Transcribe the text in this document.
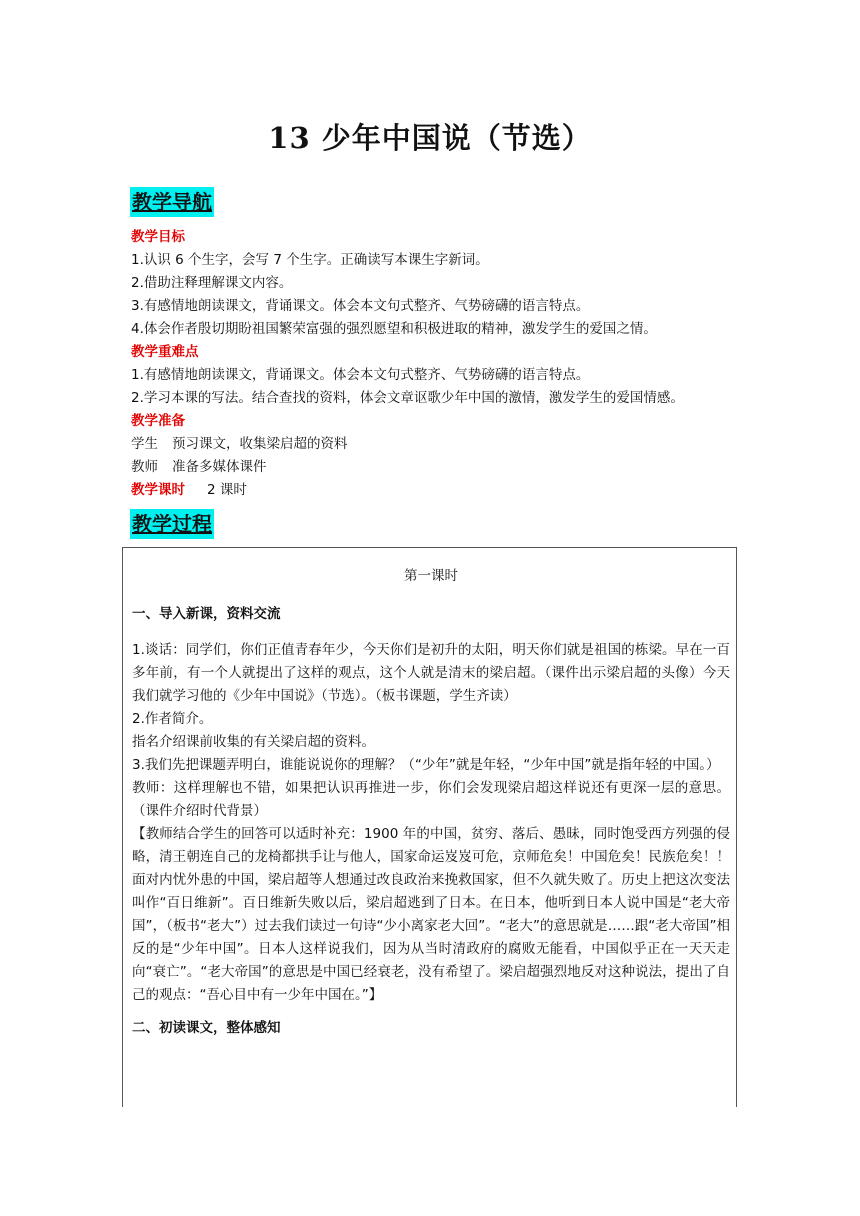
13 少年中国说（节选）
教学导航
教学目标
1.认识 6 个生字，会写 7 个生字。正确读写本课生字新词。
2.借助注释理解课文内容。
3.有感情地朗读课文，背诵课文。体会本文句式整齐、气势磅礴的语言特点。
4.体会作者殷切期盼祖国繁荣富强的强烈愿望和积极进取的精神，激发学生的爱国之情。
教学重难点
1.有感情地朗读课文，背诵课文。体会本文句式整齐、气势磅礴的语言特点。
2.学习本课的写法。结合查找的资料，体会文章讴歌少年中国的激情，激发学生的爱国情感。
教学准备
学生 预习课文，收集梁启超的资料
教师 准备多媒体课件
教学课时 2 课时
教学过程
第一课时
一、导入新课，资料交流
1.谈话：同学们，你们正值青春年少，今天你们是初升的太阳，明天你们就是祖国的栋梁。早在一百多年前，有一个人就提出了这样的观点，这个人就是清末的梁启超。（课件出示梁启超的头像）今天我们就学习他的《少年中国说》（节选）。（板书课题，学生齐读）
2.作者简介。
指名介绍课前收集的有关梁启超的资料。
3.我们先把课题弄明白，谁能说说你的理解？（“少年”就是年轻，“少年中国”就是指年轻的中国。）
教师：这样理解也不错，如果把认识再推进一步，你们会发现梁启超这样说还有更深一层的意思。（课件介绍时代背景）
【教师结合学生的回答可以适时补充：1900 年的中国，贫穷、落后、愚昧，同时饱受西方列强的侵略，清王朝连自己的龙椅都拱手让与他人，国家命运岌岌可危，京师危矣！中国危矣！民族危矣！！面对内忧外患的中国，梁启超等人想通过改良政治来挽救国家，但不久就失败了。历史上把这次变法叫作“百日维新”。百日维新失败以后，梁启超逃到了日本。在日本，他听到日本人说中国是“老大帝国”，（板书“老大”）过去我们读过一句诗“少小离家老大回”。“老大”的意思就是……跟“老大帝国”相反的是“少年中国”。日本人这样说我们，因为从当时清政府的腐败无能看，中国似乎正在一天天走向“衰亡”。“老大帝国”的意思是中国已经衰老，没有希望了。梁启超强烈地反对这种说法，提出了自己的观点：“吾心目中有一少年中国在。”】
二、初读课文，整体感知
